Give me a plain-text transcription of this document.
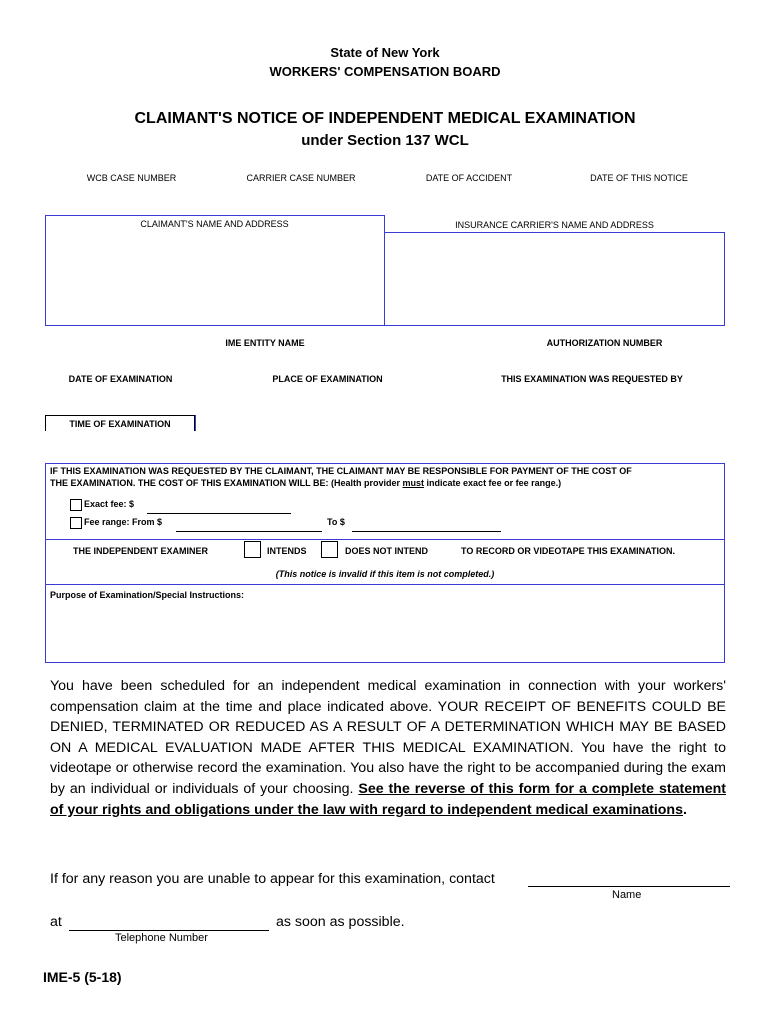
State of New York
WORKERS' COMPENSATION BOARD
CLAIMANT'S NOTICE OF INDEPENDENT MEDICAL EXAMINATION
under Section 137 WCL
WCB CASE NUMBER	CARRIER CASE NUMBER	DATE OF ACCIDENT	DATE OF THIS NOTICE
CLAIMANT'S NAME AND ADDRESS	INSURANCE CARRIER'S NAME AND ADDRESS
IME ENTITY NAME	AUTHORIZATION NUMBER
DATE OF EXAMINATION	PLACE OF EXAMINATION	THIS EXAMINATION WAS REQUESTED BY
TIME OF EXAMINATION
IF THIS EXAMINATION WAS REQUESTED BY THE CLAIMANT, THE CLAIMANT MAY BE RESPONSIBLE FOR PAYMENT OF THE COST OF
THE EXAMINATION. THE COST OF THIS EXAMINATION WILL BE: (Health provider must indicate exact fee or fee range.)
Exact fee: $
Fee range: From $	To $
THE INDEPENDENT EXAMINER	INTENDS	DOES NOT INTEND	TO RECORD OR VIDEOTAPE THIS EXAMINATION.
(This notice is invalid if this item is not completed.)
Purpose of Examination/Special Instructions:
You have been scheduled for an independent medical examination in connection with your workers' compensation claim at the time and place indicated above. YOUR RECEIPT OF BENEFITS COULD BE DENIED, TERMINATED OR REDUCED AS A RESULT OF A DETERMINATION WHICH MAY BE BASED ON A MEDICAL EVALUATION MADE AFTER THIS MEDICAL EXAMINATION. You have the right to videotape or otherwise record the examination. You also have the right to be accompanied during the exam by an individual or individuals of your choosing. See the reverse of this form for a complete statement of your rights and obligations under the law with regard to independent medical examinations.
If for any reason you are unable to appear for this examination, contact
Name
at	as soon as possible.
Telephone Number
IME-5 (5-18)
